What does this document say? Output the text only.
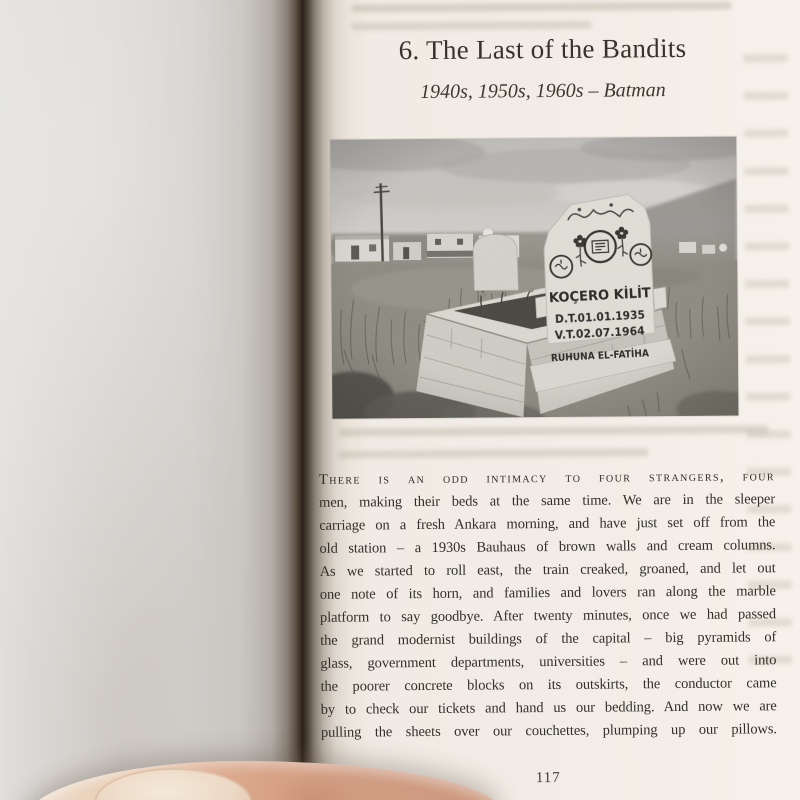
6. The Last of the Bandits
1940s, 1950s, 1960s – Batman
There is an odd intimacy to four strangers, four
men, making their beds at the same time. We are in the sleeper
carriage on a fresh Ankara morning, and have just set off from the
old station – a 1930s Bauhaus of brown walls and cream columns.
As we started to roll east, the train creaked, groaned, and let out
one note of its horn, and families and lovers ran along the marble
platform to say goodbye. After twenty minutes, once we had passed
the grand modernist buildings of the capital – big pyramids of
glass, government departments, universities – and were out into
the poorer concrete blocks on its outskirts, the conductor came
by to check our tickets and hand us our bedding. And now we are
pulling the sheets over our couchettes, plumping up our pillows.
117
